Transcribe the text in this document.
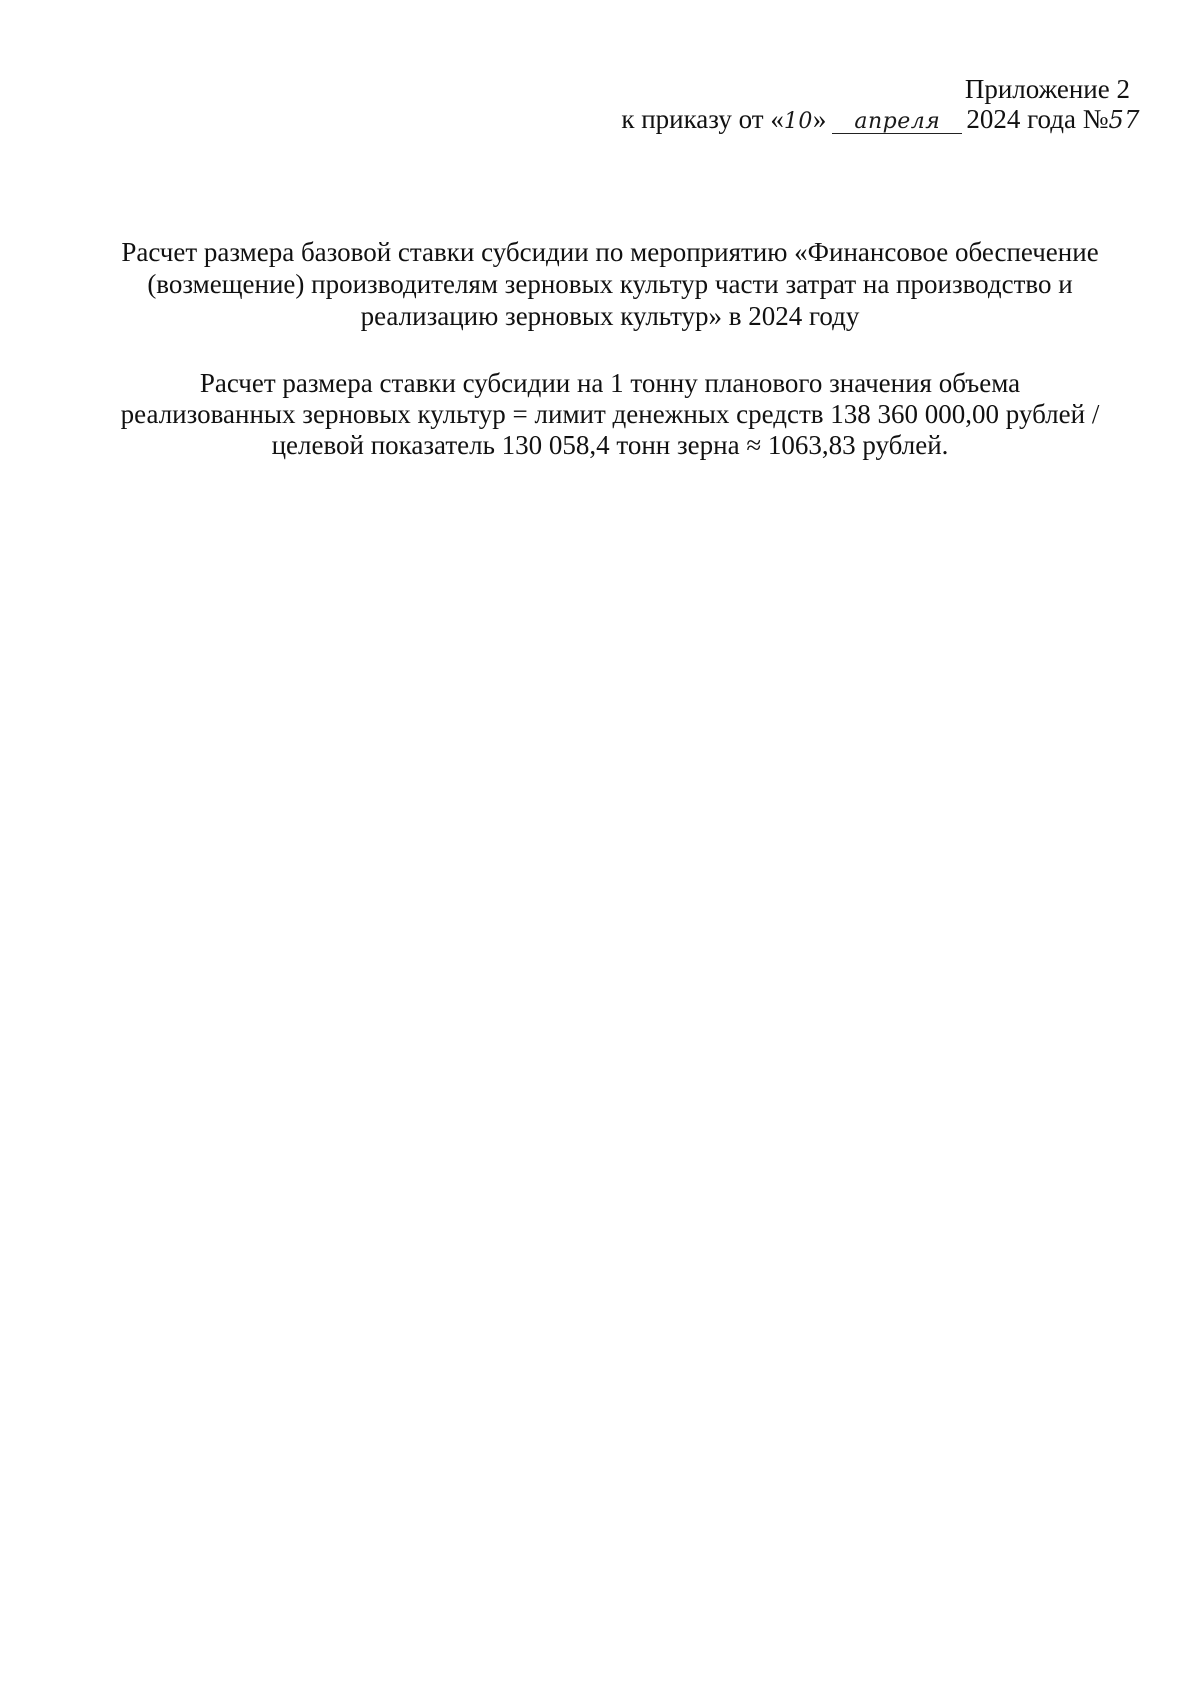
Приложение 2
к приказу от «10» апреля 2024 года №57
Расчет размера базовой ставки субсидии по мероприятию «Финансовое обеспечение
(возмещение) производителям зерновых культур части затрат на производство и
реализацию зерновых культур» в 2024 году
Расчет размера ставки субсидии на 1 тонну планового значения объема
реализованных зерновых культур = лимит денежных средств 138 360 000,00 рублей /
целевой показатель 130 058,4 тонн зерна ≈ 1063,83 рублей.
